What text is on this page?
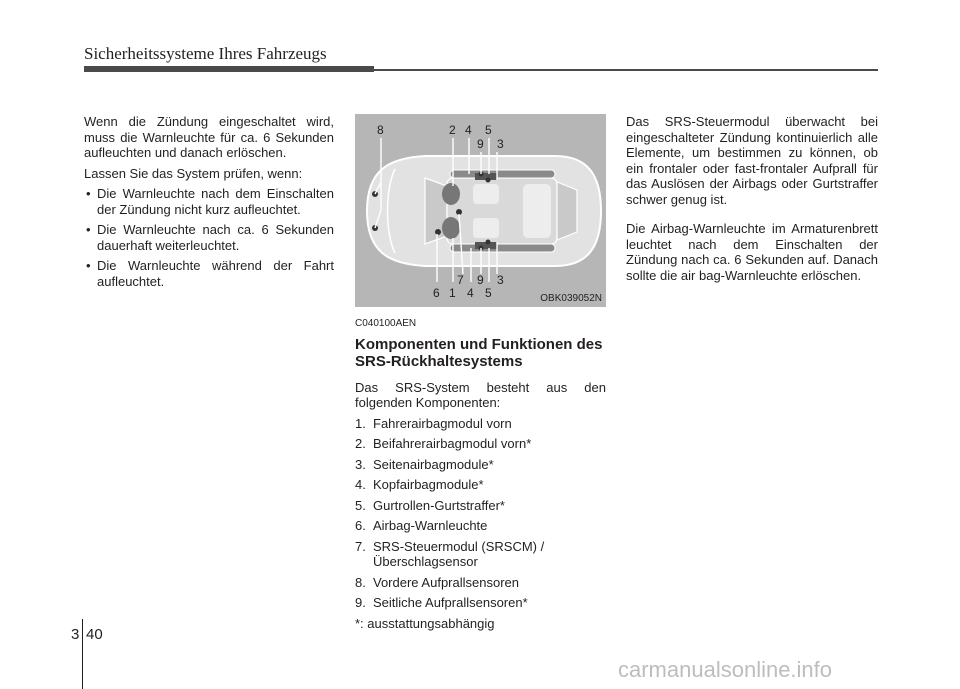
Sicherheitssysteme Ihres Fahrzeugs

Wenn die Zündung eingeschaltet wird, muss die Warnleuchte für ca. 6 Sekunden aufleuchten und danach erlöschen.

Lassen Sie das System prüfen, wenn:

• Die Warnleuchte nach dem Einschalten der Zündung nicht kurz aufleuchtet.

• Die Warnleuchte nach ca. 6 Sekunden dauerhaft weiterleuchtet.

• Die Warnleuchte während der Fahrt aufleuchtet.

8	2 4 5
9 3
7 9 3
6 1 4 5	OBK039052N
C040100AEN
Komponenten und Funktionen des SRS-Rückhaltesystems

Das SRS-System besteht aus den folgenden Komponenten:

1. Fahrerairbagmodul vorn
2. Beifahrerairbagmodul vorn*
3. Seitenairbagmodule*
4. Kopfairbagmodule*
5. Gurtrollen-Gurtstraffer*
6. Airbag-Warnleuchte
7. SRS-Steuermodul (SRSCM) / Überschlagsensor
8. Vordere Aufprallsensoren
9. Seitliche Aufprallsensoren*

*: ausstattungsabhängig

Das SRS-Steuermodul überwacht bei eingeschalteter Zündung kontinuierlich alle Elemente, um bestimmen zu können, ob ein frontaler oder fast-frontaler Aufprall für das Auslösen der Airbags oder Gurtstraffer schwer genug ist.

Die Airbag-Warnleuchte im Armaturenbrett leuchtet nach dem Einschalten der Zündung nach ca. 6 Sekunden auf. Danach sollte die air bag-Warnleuchte erlöschen.

3 40
carmanualsonline.info
